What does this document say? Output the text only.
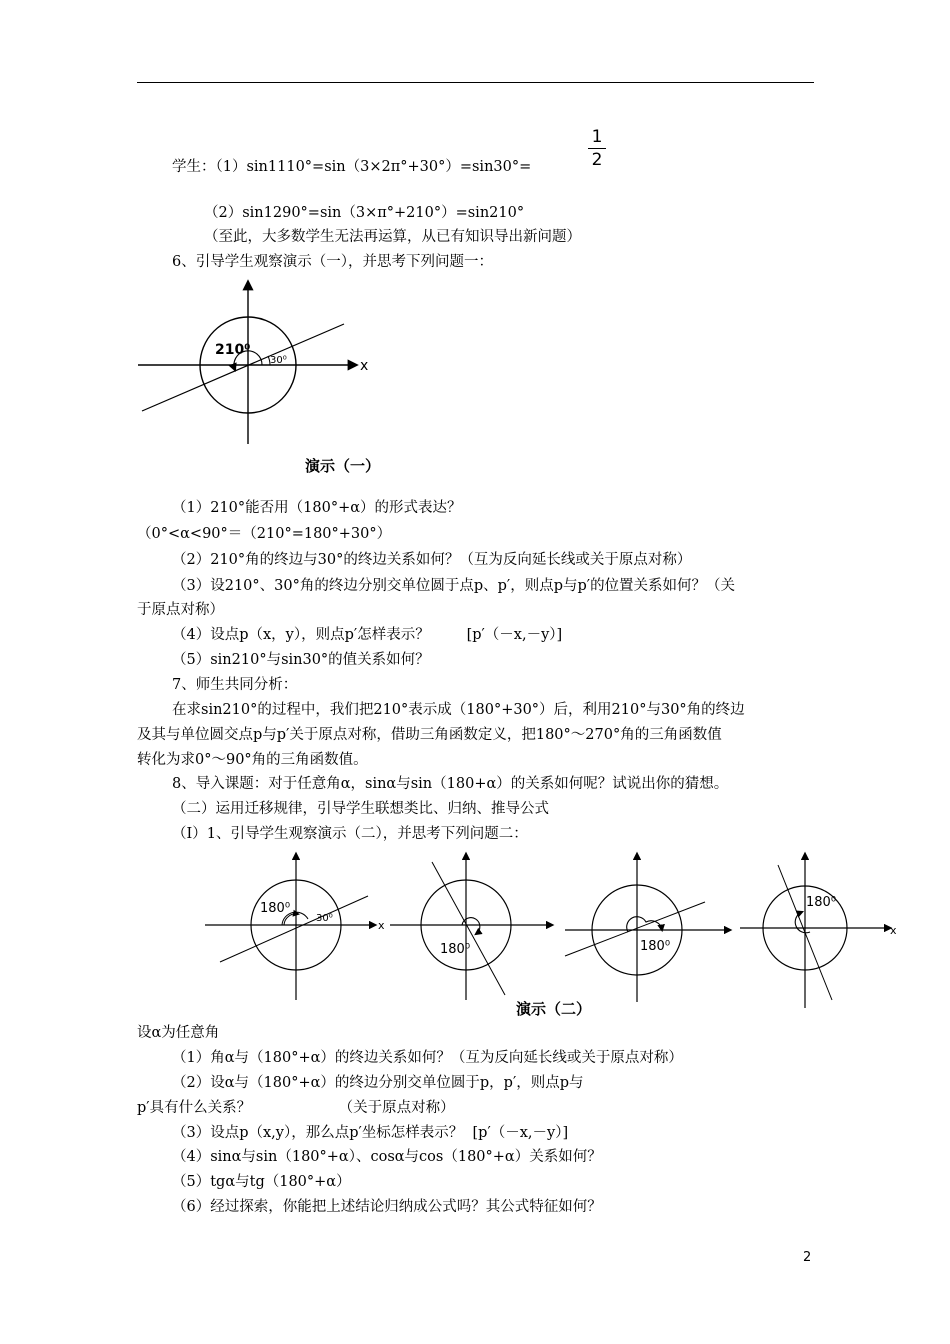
学生：（1）sin1110°=sin（3×2π°+30°）=sin30°=	$\frac{1}{2}$
（2）sin1290°=sin（3×π°+210°）=sin210°
（至此，大多数学生无法再运算，从已有知识导出新问题）
6、引导学生观察演示（一），并思考下列问题一：
210⁰
30⁰	x
演示（一）
（1）210°能否用（180°+α）的形式表达？
（0°<α<90°＝（210°=180°+30°）
（2）210°角的终边与30°的终边关系如何？（互为反向延长线或关于原点对称）
（3）设210°、30°角的终边分别交单位圆于点p、p′，则点p与p′的位置关系如何？（关
于原点对称）
（4）设点p（x，y），则点p′怎样表示？        [p′（－x,－y）]
（5）sin210°与sin30°的值关系如何？
7、师生共同分析：
在求sin210°的过程中，我们把210°表示成（180°+30°）后，利用210°与30°角的终边
及其与单位圆交点p与p′关于原点对称，借助三角函数定义，把180°～270°角的三角函数值
转化为求0°～90°角的三角函数值。
8、导入课题：对于任意角α，sinα与sin（180+α）的关系如何呢？试说出你的猜想。
（二）运用迁移规律，引导学生联想类比、归纳、推导公式
（I）1、引导学生观察演示（二），并思考下列问题二：
180⁰
30⁰
x
180⁰	180⁰
180⁰
x
演示（二）
设α为任意角
（1）角α与（180°+α）的终边关系如何？（互为反向延长线或关于原点对称）
（2）设α与（180°+α）的终边分别交单位圆于p，p′，则点p与
p′具有什么关系？                   （关于原点对称）
（3）设点p（x,y），那么点p′坐标怎样表示？  [p′（－x,－y）]
（4）sinα与sin（180°+α）、cosα与cos（180°+α）关系如何？
（5）tgα与tg（180°+α）
（6）经过探索，你能把上述结论归纳成公式吗？其公式特征如何？
2
